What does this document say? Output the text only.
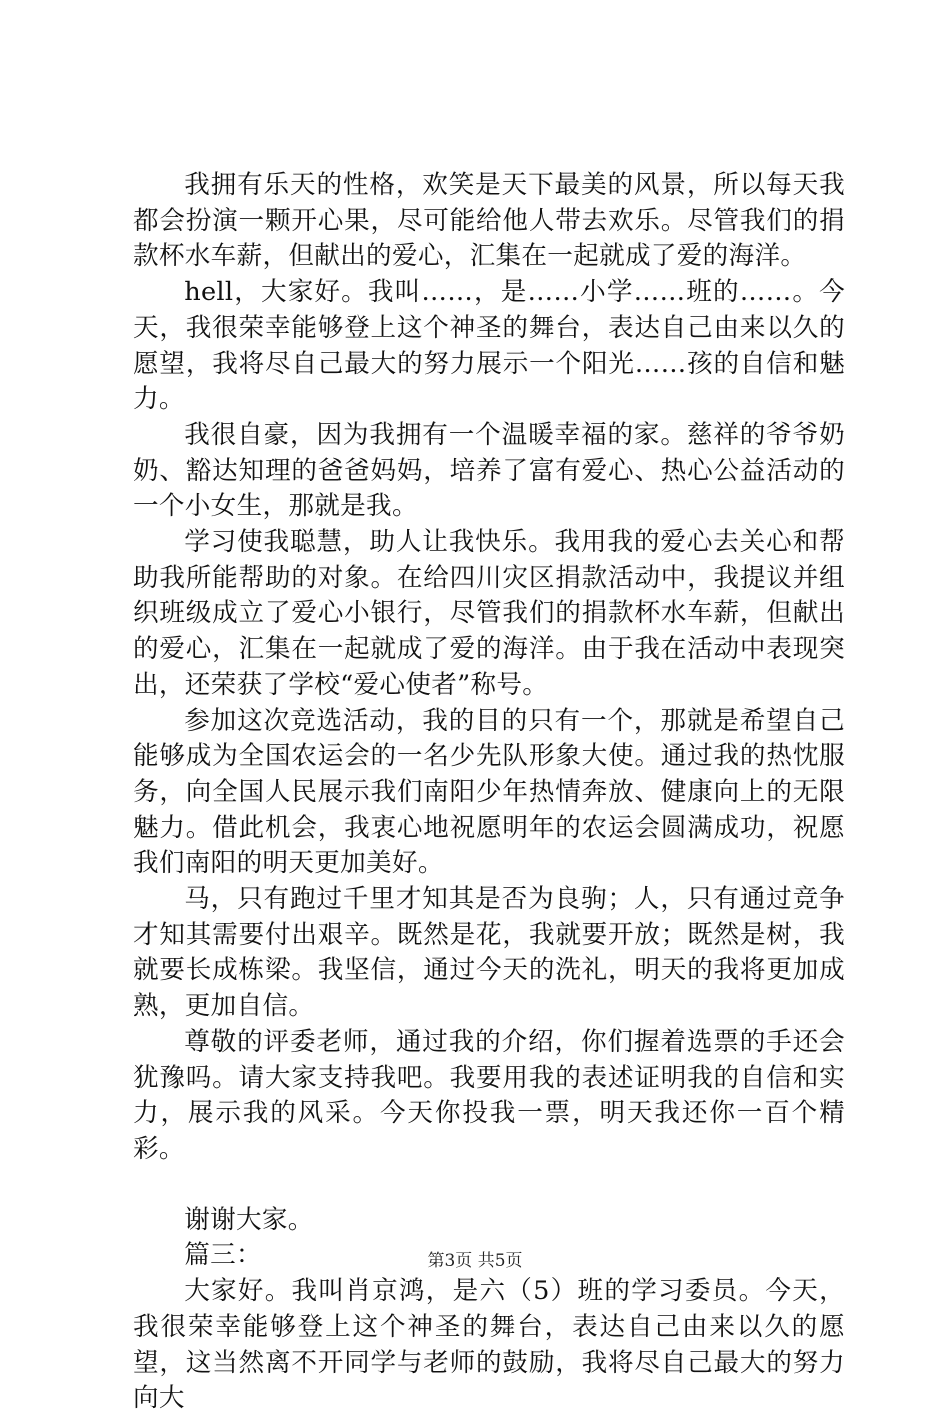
我拥有乐天的性格，欢笑是天下最美的风景，所以每天我都会扮演一颗开心果，尽可能给他人带去欢乐。尽管我们的捐款杯水车薪，但献出的爱心，汇集在一起就成了爱的海洋。

hell，大家好。我叫……，是……小学……班的……。今天，我很荣幸能够登上这个神圣的舞台，表达自己由来以久的愿望，我将尽自己最大的努力展示一个阳光……孩的自信和魅力。

我很自豪，因为我拥有一个温暖幸福的家。慈祥的爷爷奶奶、豁达知理的爸爸妈妈，培养了富有爱心、热心公益活动的一个小女生，那就是我。

学习使我聪慧，助人让我快乐。我用我的爱心去关心和帮助我所能帮助的对象。在给四川灾区捐款活动中，我提议并组织班级成立了爱心小银行，尽管我们的捐款杯水车薪，但献出的爱心，汇集在一起就成了爱的海洋。由于我在活动中表现突出，还荣获了学校“爱心使者”称号。

参加这次竞选活动，我的目的只有一个，那就是希望自己能够成为全国农运会的一名少先队形象大使。通过我的热忱服务，向全国人民展示我们南阳少年热情奔放、健康向上的无限魅力。借此机会，我衷心地祝愿明年的农运会圆满成功，祝愿我们南阳的明天更加美好。

马，只有跑过千里才知其是否为良驹；人，只有通过竞争才知其需要付出艰辛。既然是花，我就要开放；既然是树，我就要长成栋梁。我坚信，通过今天的洗礼，明天的我将更加成熟，更加自信。

尊敬的评委老师，通过我的介绍，你们握着选票的手还会犹豫吗。请大家支持我吧。我要用我的表述证明我的自信和实力，展示我的风采。今天你投我一票，明天我还你一百个精彩。

谢谢大家。

篇三：

大家好。我叫肖京鸿，是六（5）班的学习委员。今天，我很荣幸能够登上这个神圣的舞台，表达自己由来以久的愿望，这当然离不开同学与老师的鼓励，我将尽自己最大的努力向大

第3页 共5页
